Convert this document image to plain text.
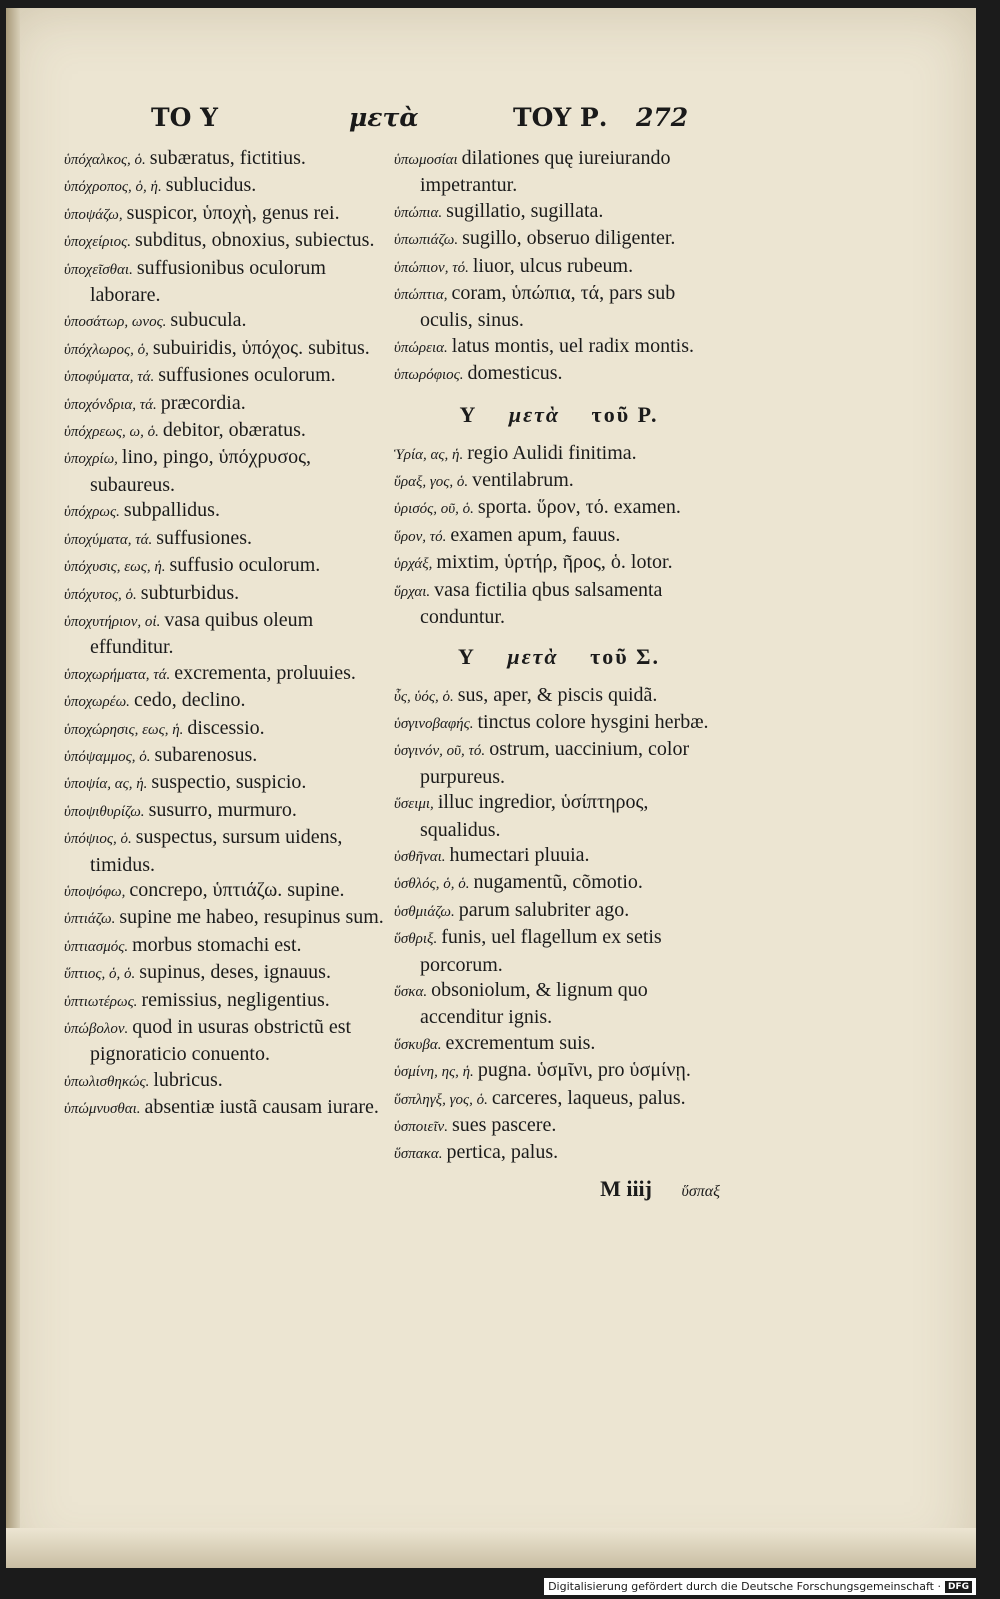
ΤΟ Υ	μετὰ	ΤΟΥ Ρ. 272

ὑπόχαλκος, ὁ. subæratus, fictitius.

ὑπόχροπος, ὁ, ἡ. sublucidus.

ὑποψάζω, suspicor, ὑποχὴ, genus rei.

ὑποχείριος. subditus, obnoxius, subiectus.

ὑποχεῖσθαι. suffusionibus oculorum laborare.

ὑποσάτωρ, ωνος. subucula.

ὑπόχλωρος, ὁ, subuiridis, ὑπόχος. subitus.

ὑποφύματα, τά. suffusiones oculorum.

ὑποχόνδρια, τά. præcordia.

ὑπόχρεως, ω, ὁ. debitor, obæratus.

ὑποχρίω, lino, pingo, ὑπόχρυσος, subaureus.

ὑπόχρως. subpallidus.

ὑποχύματα, τά. suffusiones.

ὑπόχυσις, εως, ἡ. suffusio oculorum.

ὑπόχυτος, ὁ. subturbidus.

ὑποχυτήριον, οἱ. vasa quibus oleum effunditur.

ὑποχωρήματα, τά. excrementa, proluuies.

ὑποχωρέω. cedo, declino.

ὑποχώρησις, εως, ἡ. discessio.

ὑπόψαμμος, ὁ. subarenosus.

ὑποψία, ας, ἡ. suspectio, suspicio.

ὑποψιθυρίζω. susurro, murmuro.

ὑπόψιος, ὁ. suspectus, sursum uidens, timidus.

ὑποψόφω, concrepo, ὑπτιάζω. supine.

ὑπτιάζω. supine me habeo, resupinus sum.

ὑπτιασμός. morbus stomachi est.

ὕπτιος, ὁ, ὁ. supinus, deses, ignauus.

ὑπτιωτέρως. remissius, negligentius.

ὑπώβολον. quod in usuras obstrictũ est pignoraticio conuento.

ὑπωλισθηκώς. lubricus.

ὑπώμνυσθαι. absentiæ iustã causam iurare.

ὑπωμοσίαι dilationes quę iureiurando impetrantur.

ὑπώπια. sugillatio, sugillata.

ὑπωπιάζω. sugillo, obseruo diligenter.

ὑπώπιον, τό. liuor, ulcus rubeum.

ὑπώπτια, coram, ὑπώπια, τά, pars sub oculis, sinus.

ὑπώρεια. latus montis, uel radix montis.

ὑπωρόφιος. domesticus.

Υ μετὰ τοῦ Ρ.

Ὑρία, ας, ἡ. regio Aulidi finitima.

ὕραξ, γος, ὁ. ventilabrum.

ὑρισός, οῦ, ὁ. sporta. ὕρον, τό. examen.

ὕρον, τό. examen apum, fauus.

ὑρχάξ, mixtim, ὑρτήρ, ῆρος, ὁ. lotor.

ὕρχαι. vasa fictilia qbus salsamenta conduntur.

Υ μετὰ τοῦ Σ.

ὗς, ὑός, ὁ. sus, aper, & piscis quidã.

ὑσγινοβαφής. tinctus colore hysgini herbæ.

ὑσγινόν, οῦ, τό. ostrum, uaccinium, color purpureus.

ὕσειμι, illuc ingredior, ὑσίπτηρος, squalidus.

ὑσθῆναι. humectari pluuia.

ὑσθλός, ὁ, ὁ. nugamentũ, cõmotio.

ὑσθμιάζω. parum salubriter ago.

ὕσθριξ. funis, uel flagellum ex setis porcorum.

ὕσκα. obsoniolum, & lignum quo accenditur ignis.

ὕσκυβα. excrementum suis.

ὑσμίνη, ης, ἡ. pugna. ὑσμῖνι, pro ὑσμίνῃ.

ὕσπληγξ, γος, ὁ. carceres, laqueus, palus.

ὑσποιεῖν. sues pascere.

ὕσπακα. pertica, palus.

M iiij ὕσπαξ
Digitalisierung gefördert durch die Deutsche Forschungsgemeinschaft · DFG
